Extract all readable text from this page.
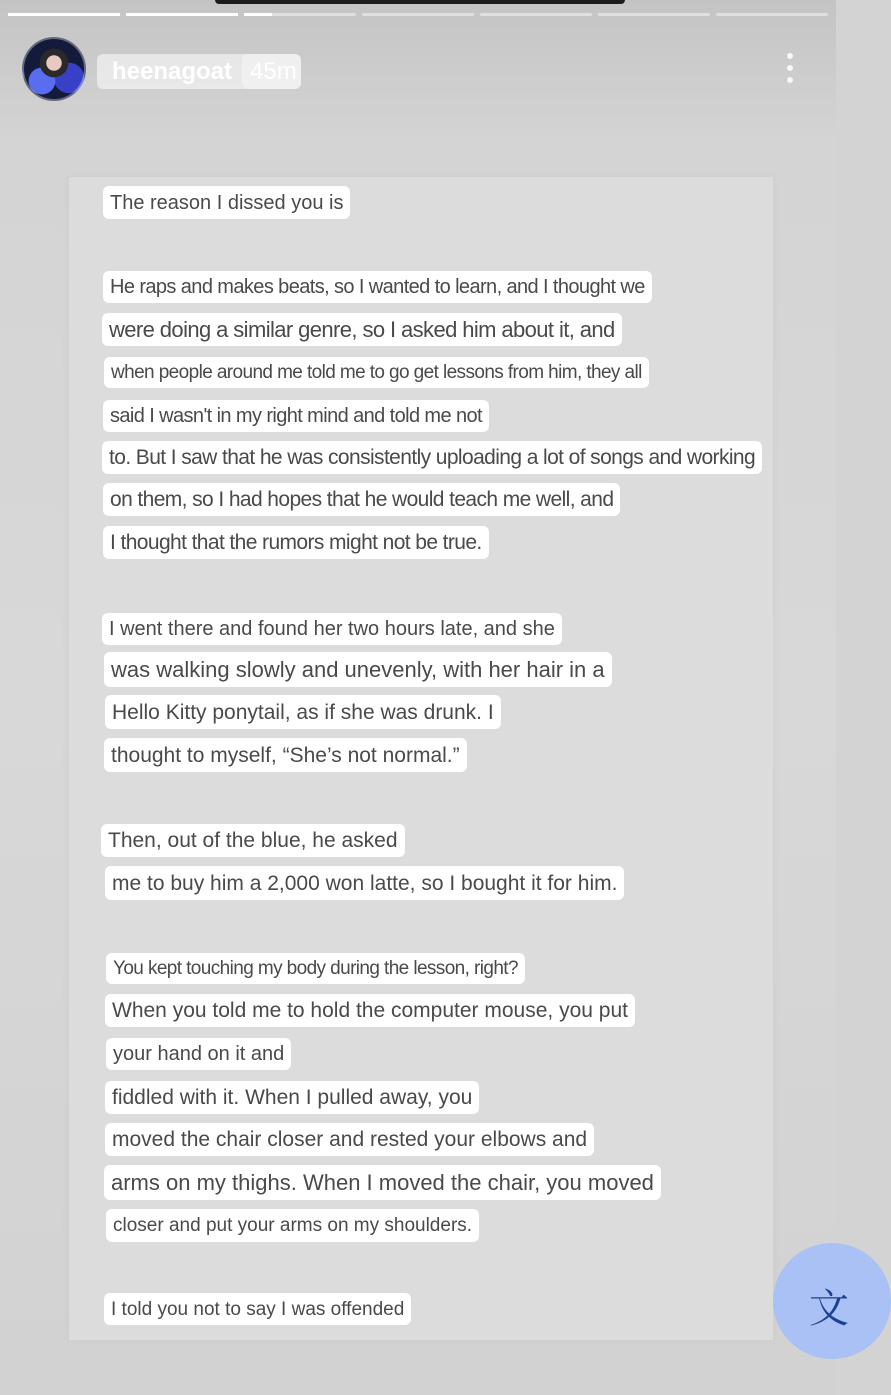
heenagoat 45m
The reason I dissed you is
He raps and makes beats, so I wanted to learn, and I thought we
were doing a similar genre, so I asked him about it, and
when people around me told me to go get lessons from him, they all
said I wasn't in my right mind and told me not
to. But I saw that he was consistently uploading a lot of songs and working
on them, so I had hopes that he would teach me well, and
I thought that the rumors might not be true.
I went there and found her two hours late, and she
was walking slowly and unevenly, with her hair in a
Hello Kitty ponytail, as if she was drunk. I
thought to myself, “She’s not normal.”
Then, out of the blue, he asked
me to buy him a 2,000 won latte, so I bought it for him.
You kept touching my body during the lesson, right?
When you told me to hold the computer mouse, you put
your hand on it and
fiddled with it. When I pulled away, you
moved the chair closer and rested your elbows and
arms on my thighs. When I moved the chair, you moved
closer and put your arms on my shoulders.
I told you not to say I was offended	文
